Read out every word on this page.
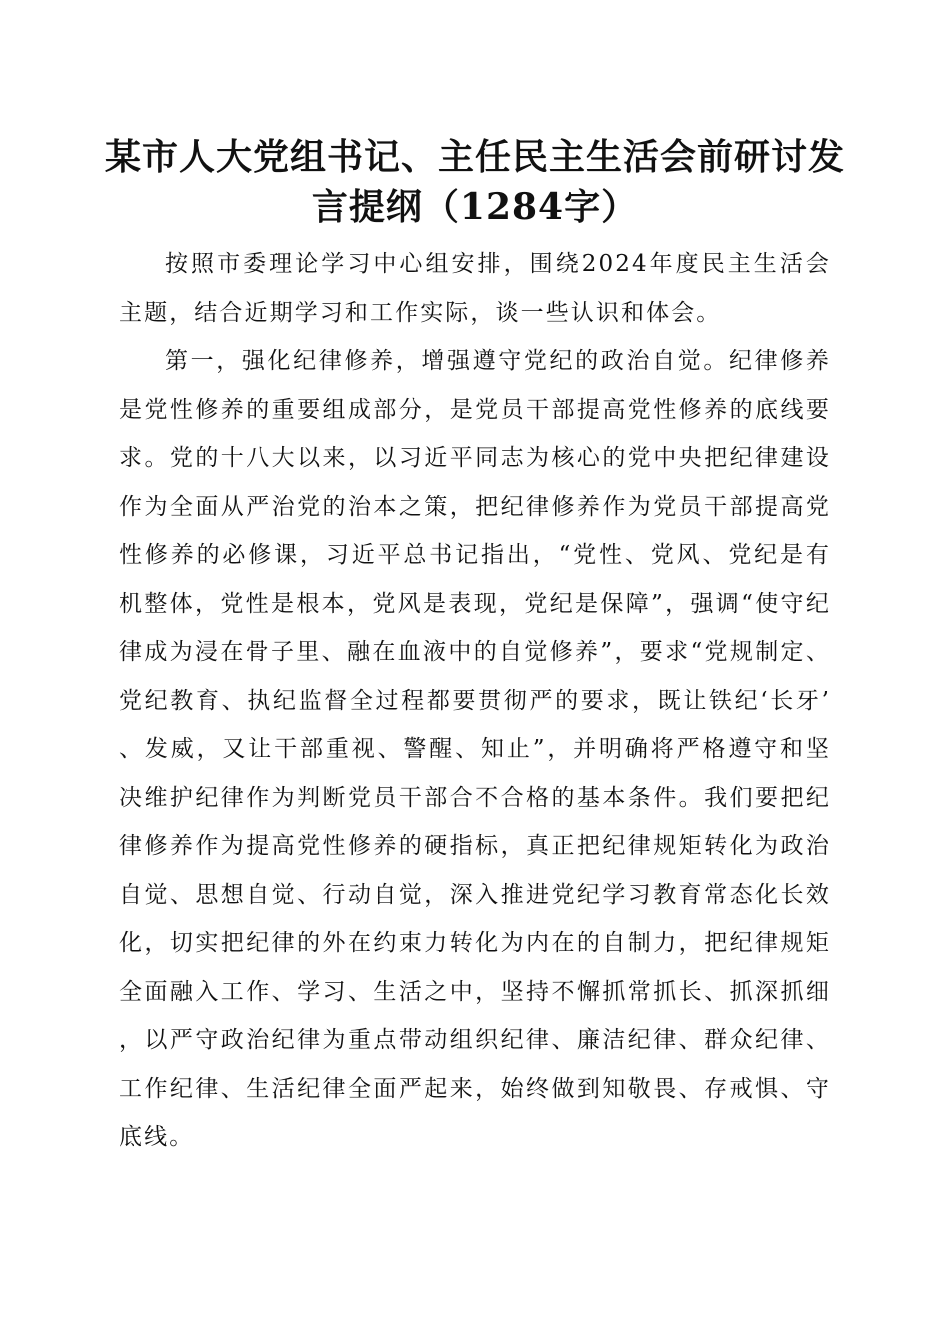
某市人大党组书记、主任民主生活会前研讨发言提纲（1284字）

按照市委理论学习中心组安排，围绕2024年度民主生活会主题，结合近期学习和工作实际，谈一些认识和体会。

第一，强化纪律修养，增强遵守党纪的政治自觉。纪律修养是党性修养的重要组成部分，是党员干部提高党性修养的底线要求。党的十八大以来，以习近平同志为核心的党中央把纪律建设作为全面从严治党的治本之策，把纪律修养作为党员干部提高党性修养的必修课，习近平总书记指出，“党性、党风、党纪是有机整体，党性是根本，党风是表现，党纪是保障”，强调“使守纪律成为浸在骨子里、融在血液中的自觉修养”，要求“党规制定、党纪教育、执纪监督全过程都要贯彻严的要求，既让铁纪‘长牙’、发威，又让干部重视、警醒、知止”，并明确将严格遵守和坚决维护纪律作为判断党员干部合不合格的基本条件。我们要把纪律修养作为提高党性修养的硬指标，真正把纪律规矩转化为政治自觉、思想自觉、行动自觉，深入推进党纪学习教育常态化长效化，切实把纪律的外在约束力转化为内在的自制力，把纪律规矩全面融入工作、学习、生活之中，坚持不懈抓常抓长、抓深抓细，以严守政治纪律为重点带动组织纪律、廉洁纪律、群众纪律、工作纪律、生活纪律全面严起来，始终做到知敬畏、存戒惧、守底线。
